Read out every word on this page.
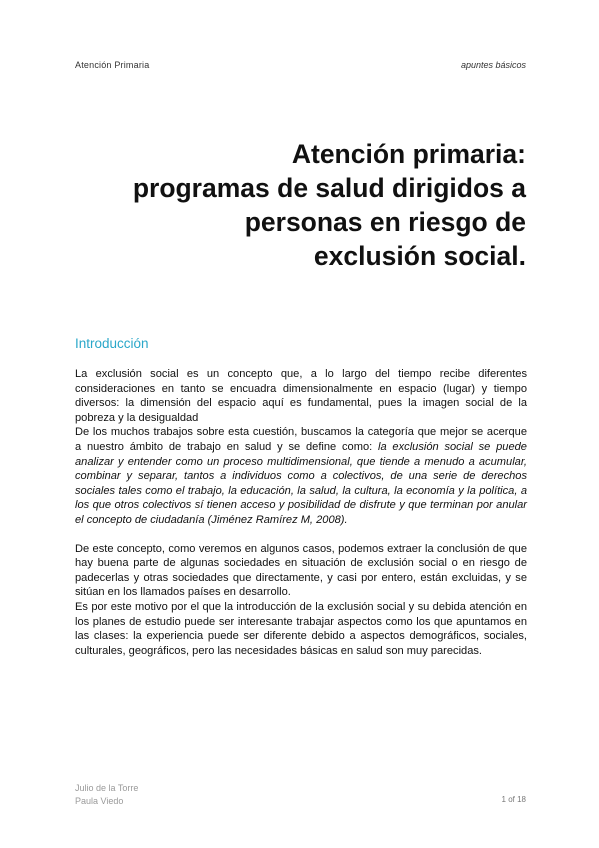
Atención Primaria	apuntes básicos
Atención primaria:
programas de salud dirigidos a
personas en riesgo de
exclusión social.
Introducción

La exclusión social es un concepto que, a lo largo del tiempo recibe diferentes consideraciones en tanto se encuadra dimensionalmente en espacio (lugar) y tiempo diversos: la dimensión del espacio aquí es fundamental, pues la imagen social de la pobreza y la desigualdad

De los muchos trabajos sobre esta cuestión, buscamos la categoría que mejor se acerque a nuestro ámbito de trabajo en salud y se define como: la exclusión social se puede analizar y entender como un proceso multidimensional, que tiende a menudo a acumular, combinar y separar, tantos a individuos como a colectivos, de una serie de derechos sociales tales como el trabajo, la educación, la salud, la cultura, la economía y la política, a los que otros colectivos sí tienen acceso y posibilidad de disfrute y que terminan por anular el concepto de ciudadanía (Jiménez Ramírez M, 2008).

De este concepto, como veremos en algunos casos, podemos extraer la conclusión de que hay buena parte de algunas sociedades en situación de exclusión social o en riesgo de padecerlas y otras sociedades que directamente, y casi por entero, están excluidas, y se sitúan en los llamados países en desarrollo.

Es por este motivo por el que la introducción de la exclusión social y su debida atención en los planes de estudio puede ser interesante trabajar aspectos como los que apuntamos en las clases: la experiencia puede ser diferente debido a aspectos demográficos, sociales, culturales, geográficos, pero las necesidades básicas en salud son muy parecidas.

Julio de la Torre
Paula Viedo	1 of 18
